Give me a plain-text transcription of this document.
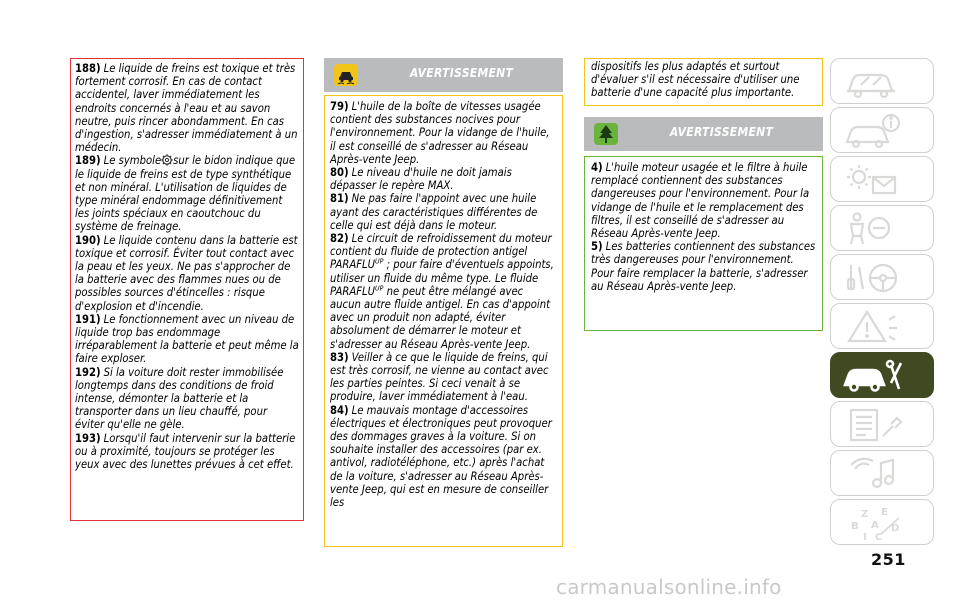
188) Le liquide de freins est toxique et très fortement corrosif. En cas de contact accidentel, laver immédiatement les endroits concernés à l'eau et au savon neutre, puis rincer abondamment. En cas d'ingestion, s'adresser immédiatement à un médecin.

189) Le symbole sur le bidon indique que le liquide de freins est de type synthétique et non minéral. L'utilisation de liquides de type minéral endommage définitivement les joints spéciaux en caoutchouc du système de freinage.

190) Le liquide contenu dans la batterie est toxique et corrosif. Éviter tout contact avec la peau et les yeux. Ne pas s'approcher de la batterie avec des flammes nues ou de possibles sources d'étincelles : risque d'explosion et d'incendie.

191) Le fonctionnement avec un niveau de liquide trop bas endommage irréparablement la batterie et peut même la faire exploser.

192) Si la voiture doit rester immobilisée longtemps dans des conditions de froid intense, démonter la batterie et la transporter dans un lieu chauffé, pour éviter qu'elle ne gèle.

193) Lorsqu'il faut intervenir sur la batterie ou à proximité, toujours se protéger les yeux avec des lunettes prévues à cet effet.

AVERTISSEMENT

79) L'huile de la boîte de vitesses usagée contient des substances nocives pour l'environnement. Pour la vidange de l'huile, il est conseillé de s'adresser au Réseau Après-vente Jeep.

80) Le niveau d'huile ne doit jamais dépasser le repère MAX.

81) Ne pas faire l'appoint avec une huile ayant des caractéristiques différentes de celle qui est déjà dans le moteur.

82) Le circuit de refroidissement du moteur contient du fluide de protection antigel $PARAFLU^{UP}$ ; pour faire d'éventuels appoints, utiliser un fluide du même type. Le fluide $PARAFLU^{UP}$ ne peut être mélangé avec aucun autre fluide antigel. En cas d'appoint avec un produit non adapté, éviter absolument de démarrer le moteur et s'adresser au Réseau Après-vente Jeep.

83) Veiller à ce que le liquide de freins, qui est très corrosif, ne vienne au contact avec les parties peintes. Si ceci venait à se produire, laver immédiatement à l'eau.

84) Le mauvais montage d'accessoires électriques et électroniques peut provoquer des dommages graves à la voiture. Si on souhaite installer des accessoires (par ex. antivol, radiotéléphone, etc.) après l'achat de la voiture, s'adresser au Réseau Après-vente Jeep, qui est en mesure de conseiller les

dispositifs les plus adaptés et surtout d'évaluer s'il est nécessaire d'utiliser une batterie d'une capacité plus importante.

AVERTISSEMENT

4) L'huile moteur usagée et le filtre à huile remplacé contiennent des substances dangereuses pour l'environnement. Pour la vidange de l'huile et le remplacement des filtres, il est conseillé de s'adresser au Réseau Après-vente Jeep.

5) Les batteries contiennent des substances très dangereuses pour l'environnement. Pour faire remplacer la batterie, s'adresser au Réseau Après-vente Jeep.

Z E
B A D
I C
251
carmanualsonline.info
